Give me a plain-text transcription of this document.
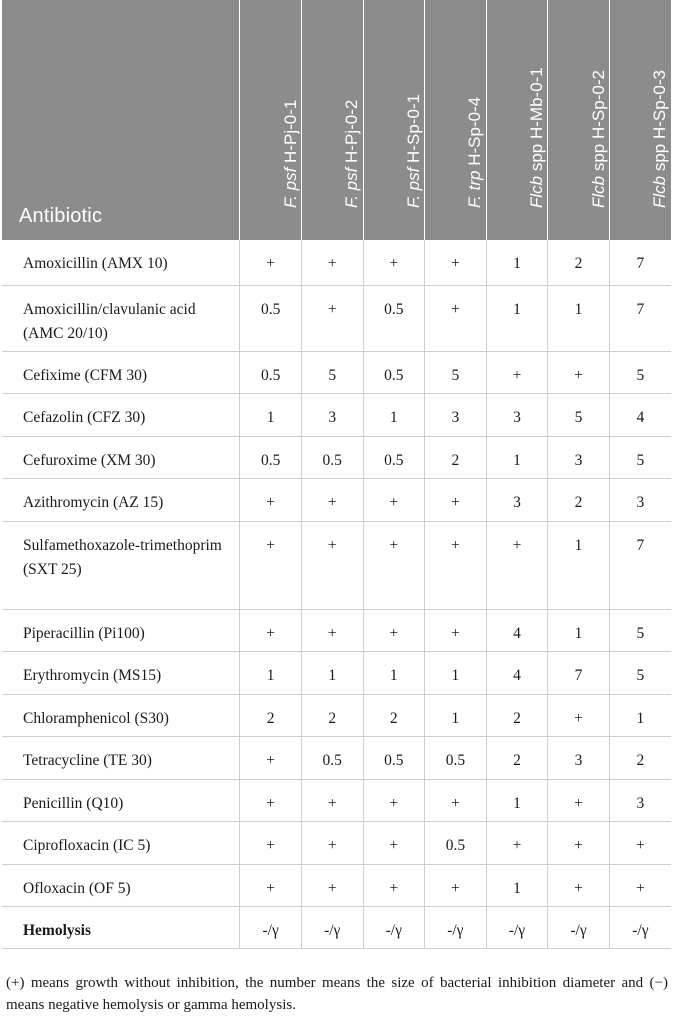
Antibiotic	F. psf H-Pj-0-1	F. psf H-Pj-0-2	F. psf H-Sp-0-1	F. trp H-Sp-0-4	Flcb spp H-Mb-0-1	Flcb spp H-Sp-0-2	Flcb spp H-Sp-0-3

Amoxicillin (AMX 10)	+	+	+	+	1	2	7
Amoxicillin/clavulanic acid (AMC 20/10)	0.5	+	0.5	+	1	1	7
Cefixime (CFM 30)	0.5	5	0.5	5	+	+	5
Cefazolin (CFZ 30)	1	3	1	3	3	5	4
Cefuroxime (XM 30)	0.5	0.5	0.5	2	1	3	5
Azithromycin (AZ 15)	+	+	+	+	3	2	3
Sulfamethoxazole-trimethoprim (SXT 25)	+	+	+	+	+	1	7
Piperacillin (Pi100)	+	+	+	+	4	1	5
Erythromycin (MS15)	1	1	1	1	4	7	5
Chloramphenicol (S30)	2	2	2	1	2	+	1
Tetracycline (TE 30)	+	0.5	0.5	0.5	2	3	2
Penicillin (Q10)	+	+	+	+	1	+	3
Ciprofloxacin (IC 5)	+	+	+	0.5	+	+	+
Ofloxacin (OF 5)	+	+	+	+	1	+	+
Hemolysis	-/γ	-/γ	-/γ	-/γ	-/γ	-/γ	-/γ
(+) means growth without inhibition, the number means the size of bacterial inhibition diameter and (−) means negative hemolysis or gamma hemolysis.
